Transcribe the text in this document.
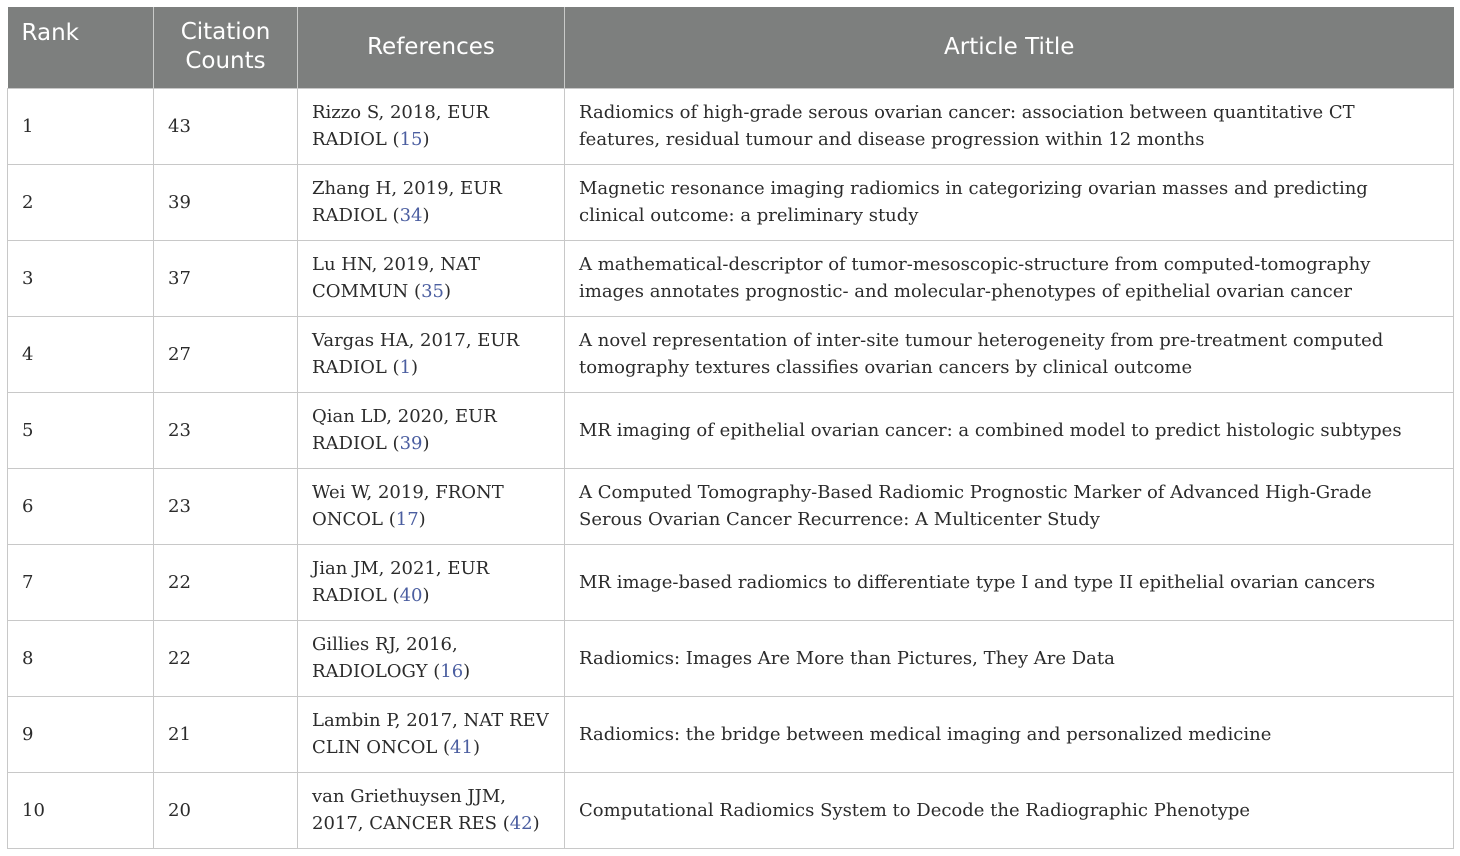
Rank	Citation Counts	References	Article Title
1	43	Rizzo S, 2018, EUR RADIOL (15)	Radiomics of high-grade serous ovarian cancer: association between quantitative CT features, residual tumour and disease progression within 12 months
2	39	Zhang H, 2019, EUR RADIOL (34)	Magnetic resonance imaging radiomics in categorizing ovarian masses and predicting clinical outcome: a preliminary study
3	37	Lu HN, 2019, NAT COMMUN (35)	A mathematical-descriptor of tumor-mesoscopic-structure from computed-tomography images annotates prognostic- and molecular-phenotypes of epithelial ovarian cancer
4	27	Vargas HA, 2017, EUR RADIOL (1)	A novel representation of inter-site tumour heterogeneity from pre-treatment computed tomography textures classifies ovarian cancers by clinical outcome
5	23	Qian LD, 2020, EUR RADIOL (39)	MR imaging of epithelial ovarian cancer: a combined model to predict histologic subtypes
6	23	Wei W, 2019, FRONT ONCOL (17)	A Computed Tomography-Based Radiomic Prognostic Marker of Advanced High-Grade Serous Ovarian Cancer Recurrence: A Multicenter Study
7	22	Jian JM, 2021, EUR RADIOL (40)	MR image-based radiomics to differentiate type I and type II epithelial ovarian cancers
8	22	Gillies RJ, 2016, RADIOLOGY (16)	Radiomics: Images Are More than Pictures, They Are Data
9	21	Lambin P, 2017, NAT REV CLIN ONCOL (41)	Radiomics: the bridge between medical imaging and personalized medicine
10	20	van Griethuysen JJM, 2017, CANCER RES (42)	Computational Radiomics System to Decode the Radiographic Phenotype
